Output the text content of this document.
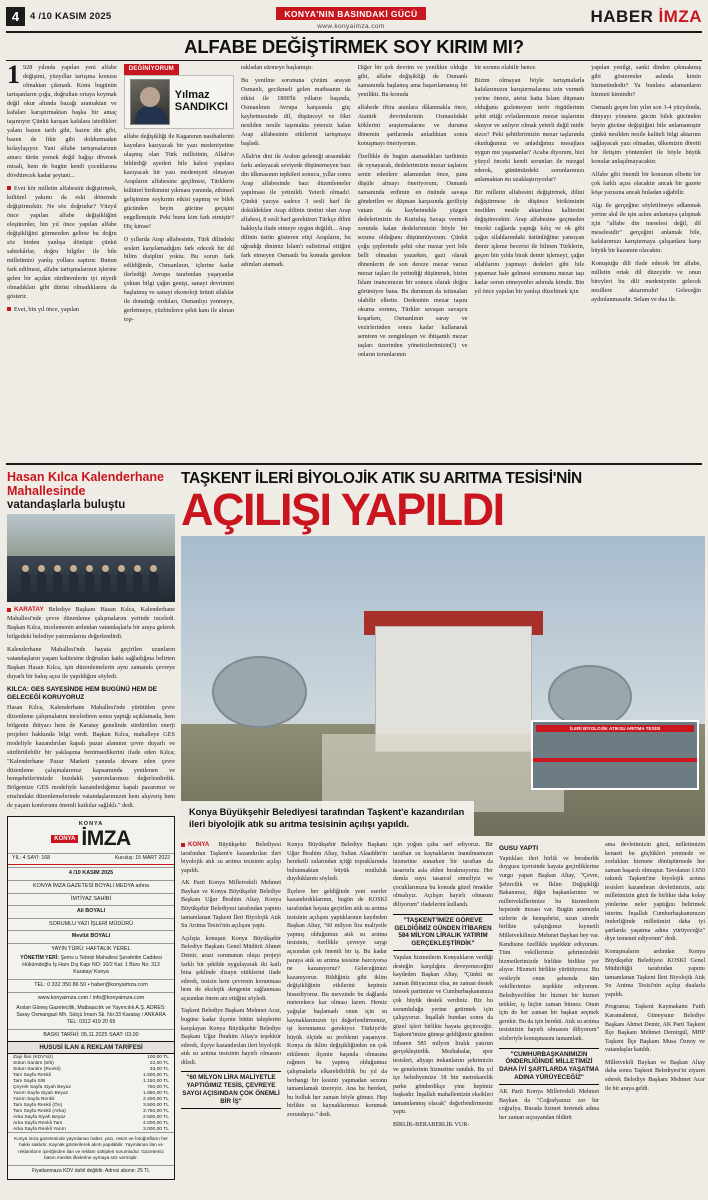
4	4 /10 KASIM 2025	KONYA'NIN BASINDAKİ GÜCÜ
www.konyaimza.com
HABER İMZA
ALFABE DEĞİŞTİRMEK SOY KIRIM MI?

1928 yılında yapılan yeni alfabe değişimi, yüzyıllar tartışma konusu olmaktan çıkmadı. Konu bugünün tartışanların çoğu, doğrultan ortaya koymak değil okur altında bazağı aramaktan ve kafaları karıştırmaktan başka bir amaç taşımıyor Çünkü karışan kafalara istedikleri yalanı bazen tarih gibi, bazen din gibi, bazen de fikir gibi doldurmadan kolaylaşıyor. Yani alfabe tartışmalarının amacı türün yemek değil bağışı dövmek misali, hem de bugün kendi çocuklarına dövdürecek kadar şeytani...

Evet kör milletin alfabesini değiştirmek, kültürel yakımı da eski dönemde değiştirmektir. Ne söz doğrudur? Vüzyıl önce yapılan alfabe değişikliğini eleştirenler, bin yıl önce yapılan alfabe değişikliğini görmezden gelirse bu doğru söz birden yanlışa dönüşür çünkü sahtekârlar, doğru bilgiler ile bile milletimizi yanlış yollara saptırır. Bunun fark edilmesi, alfabe tartışmalarının işlerine gelen bir açıdan sürdürenlerin iyi niyetli olmadıkları gibi dürüst olmadıklarını da gösterir.

Evet, bin yıl önce, yapılan

DEĞİNİYORUM
Yılmaz
SANDIKCI

alfabe değişikliği ile Kaganının nasihatlerini kayıdara kazıyacak bir yazı medeniyetine ulaşmış olan Türk milletinin, Allah'ın bildirdiği ayetleri bile kalesi yapılara kazıyacak bir yazı medeniyeti olmayan Arapların alfabesine geçilmesi, Türklerin kültürel birikimini yıkması yanında, zihinsel gelişimine soykırım etkisi yapmış ve bilek gücünden beyin gücüne geçişini engellemiştir. Peki bunu kim fark etmiştir? Hiç kimse!

O yıllarda Arap alfabesinin, Türk dilindeki sesleri karşılamadığını fark edecek bir dil bilim disiplini yoktu. Bu sorun fark edildiğinde, Osmanlının, içlerine kadar ilerlediği Avrupa tarafından yaşayanlar çoktan bilgi çağın genişi, sanayi devrimini başlatmış ve sanayi ekonoloji ürünü silahlar ile donattığı orduları, Osmanlıyı yenmeye, gerletmeye, yüzbinlerce şehit kanı ile alınan top-

rakladan sürmeye başlamıştı.

Bu yenilme sorununa çözüm arayan Osmanlı, gecikmeli gelen matbaanın da etkisi ile 1800'lü yılların başında, Osmanlının Avrupa karşısında güç kaybetmesinde dil, düşünceyi ve fikri nesilden nesile taşımakta yetersiz kalan Arap alfabesinin etkilerini tartışmaya başladı.

Allah'ın dini ile Arabın geleneği arasındaki farkı anlayacak seviyede düşünemeyen bazı din ülkmasının tepkileri sonucu, yıllar sonra Arap alfabesinde bazı düzenlemeler yapılması ile yetinildi. Yeterli olmadı!. Çünkü yazıya sadece 3 sesli harf ile doküldeklen Arap dilinin üretini olan Arap alfabesi, 8 sesli harf gerektiren Türkçe dilini hakkıyla ifade etmeye uygun değildi... Arap dilinin üstün gösteren etiçi Arapların, bu uğradığı dinimiz İslam'ı sulistimal ettiğini fark etmeyen Osmanlı bu konuda gereken adımları atamadı.

Diğer bir çok devrim ve yenilikte olduğu gibi, alfabe değişikliği de Osmanlı zamanında başlamış ama başarılamamış bir yenilikti. Bu konuda

alfabede iftira atanlara dâlanmakla önce, Atatürk devrimlerinin Osmanlıdaki köklerini araştırmalarını ve durumu dönemin şartlarında anladıktan sonra konuşmayı öneriyorum.

Özellikle de bugün atamadıkları tarihimiz de oynayarak, dedelerimizin mezar taşlarını senin edenlere adamından önce, şunu düşüle almayı öneriyorum; Osmanlı zamanında erdimin en önünde savaşa gönderilen ve düşman karşısında geriliyip vatanı da kaybetmekle yüzgen dedelerimizin de Kurtuluş Savaşı vermek zorunda kalan dedelerimizin böyle bir sorunu olduğunu düşünmüyorum. Çünkü çoğu çeplerinde şehit olur mezar yeri bile belli olmadan yazarken, gazi olarak dönenlerin de son dereze mezar varsız mezar taşları ile yetindiği düşünmek, bizim İslam inancımızın bir sonucu olarak doğru görünüyor bana. Bu durumun da istisnaları olabilir elbette. Dedesinin mezar taşını okuma sorunu, Türkler savaşan savaşcu koşarken, Osmanlının saray ve vezirlerinden sonra kadar kullanarak semiren ve zenginleşen ve ihtişamlı mezar taşları üzerinden yöneticilerimizin(!) ve onların torunlarının

bir sorunu olabilir bence.

Bizim olmayan böyle tartışmalarla kafalarımızın karıştırmalarına izin vermek yerine öteniz, ateist hatta İslam düşmanı olduğunu gizlemeyen terör örgütlerinin şehit ettiği evlatlarımızın mezar taşlarının okuyor ve anlıyor olmak yeterli değil midir sizce? Peki şehitlerimizin mezar taşlarında okuduğumuz ve anladığımız mesajlara uygun mu yaşananlar? Acaba diyorum, bizi yüzyıl önceki kendi sorunları ile mezgul ederek, günümüzdeki sorunlarımızı anlamaktan mı uzaklaştırıyorlar?

Bir milletin alfabesini değiştirmek, dilini değiştirmese de düşünce birikiminin nesilden nesile aktarılma kalitesini değiştirecektir. Arap alfabesine geçmeden önceki cağlarda yaptığı kılıç ve ok gibi çağın silahlarındaki üstünlüğüne yansıyan demir işleme becerisi ile bilinen Türklerin, geçen bin yılda birak demir işlemeyi, çağın silahlarını yapmayı dedeleri gibi bile yapamaz hale gelmesi sorununu mezar taşı kadar sorun etmeyenler adımda kimdir. Bin yıl önce yapılan bir yanlışı düzeltmek için

yapılan yenilgi, sanki dinden çıkmakmış gibi gösterenler aslında kimin hizmetindedir? Ya bunlara adamanların hizmeti kimindir?

Osmanlı geçen bin yılın son 3-4 yüzyılında, dünyayı yönetem gücün bilek gücünden beyin gücüne değiştiğini bile anlamamıştır çünkü nesilden nesile kaliteli bilgi aktarımı sağlayacak yazı olmadan, ülkemizin döretti bir iletişim yöntemleri ile böyle büyük konular anlaşılmayacaktır.

Alfabe gibi önemli bir konunun elbette bir çok farklı açısı olacaktır ancak bir gazete köşe yazısına ancak buladan sığabilir.

Algı ile gerçeğine söyletilmeye adlanmak yerine akıl ile işin aslını anlamaya çalışmak için "alfabe din meselesi değil, dil meselesidir" gerçeğini anlamak bile, kafalarımızı karıştırmaya çalışanlara karşı büyük bir kazanım olacaktır.

Konuştuğu dili ifade edecek bir alfabe, milletin ortak dil düzeyidir ve onun bireyleri bu dili medeniyetin gelecek nesillere aktarımıdır! Geleceğin aydınlanmasıdır. Selam ve dua ile.

Hasan Kılca Kalenderhane Mahallesinde
vatandaşlarla buluştu

KARATAY Belediye Başkanı Hasan Kılca, Kalenderhane Mahallesi'nde çevre düzenleme çalışmalarını yerinde inceledi. Başkan Kılca, incelemenin ardından vatandaşlarla bir araya gelerek bölgedeki belediye yatırımlarını değerlendirdi.

Kalenderhane Mahallesi'nde hayata geçirilen uzunların vatandaşların yaşam kalitesine doğrudan katkı sağladığına belirten Başkan Hasan Kılca, işin düzenlemelerin aynı zamanda çevreye duyarlı bir bakış açısı ile yapıldığını söyledi.

KILCA: GES SAYESİNDE HEM BUGÜNÜ HEM DE GELECEĞİ KORUYORUZ

Hasan Kılca, Kalenderhane Mahallesi'nde yürütülen çevre düzenleme çalışmalarını incelediren sonra yaptığı açıklamada, hem bölgenin ihtiyacı hem de Karatay genelinde sürdürülen enerji projeleri hakkında bilgi verdi. Başkan Kılca, mahalleye GES modeliyle kazandırılan kapalı pazar alanının çevre duyarlı ve sürdürülebilir bir yaklaşıma benimsedikerini ifade eden Kılca; "Kalenderhane Pazar Marketi yanında devam eden çevre düzenleme çalışmalarımız kapsamında yenilenen ve hemşehrilerimizde buzdaklı yatırımlarımızı değerlendirdik. Bölgemize GES modeliyle kazandırdığımız kapalı pazarımız ve etrafındaki düzenlemelerinde vatandaşlarımızın hem alışveriş hem de yaşam konforunu önemli katkılar sağlıklı." dedi.

KONYA
KONYA İMZA
YIL: 4 SAYI: 168	Kuruluş: 15 MART 2022
4 /10 KASIM 2025
KONYA İMZA GAZETESİ BOYALI MEDYA adına
İMTİYAZ SAHİBİ
Ali BOYALI
SORUMLU YAZI İŞLERİ MÜDÜRÜ
Mevlüt BOYALI
YAYIN TÜRÜ: HAFTALIK YEREL
YÖNETİM YERİ: Şems u Tebrizi Mahallesi Şerafettin Caddesi Hükümdoğlu İş Hanı Dış Kapı NO: 10/2 Kat: 1 Büro No: 313 Karatay/ Konya
TEL: 0 332 350 86 50 • haber@konyaimza.com
www.konyaimza.com / info@konyaimza.com
Arslan Güneş Gazetecilik, Matbaacılık ve Yayıncılık A.Ş. ADRES: Saray Osmangazi Mh. Sütçü İmam Sk. No:33 Karatay / ANKARA TEL: 0312 419 20 69
BASKI TARİHİ: 05.11.2025 SAAT: 03.00
HUSUSİ İLAN & REKLAM TARİFESİ
Zayi İlan (KDV'siz)	100,00 TL
Sütun Santim (5/5)	22,00 TL
Sütun Santim (Renkli)	33,00 TL
Tam Sayfa Renkli	1.500,00 TL
Tam Sayfa S/B	1.150,00 TL
Çeyrek Sayfa Siyah Beyaz	750,00 TL
Yarım Sayfa Siyah Beyaz	1.850,00 TL
Yarım Sayfa Renkli	2.400,00 TL
Tam Sayfa Renkli (Ön)	3.500,00 TL
Tam Sayfa Renkli (Arka)	3.750,00 TL
Arka Sayfa Siyah Beyaz	2.500,00 TL
Arka Sayfa Renkli Tam	4.000,00 TL
Arka Sayfa Renkli Yarım	3.000,00 TL
Konya imza gazetesinde yayınlanan haber, yazı, resim ve fotoğrafların her hakkı saklıdır. Kaynak gösterilerek alıntı yapılabilir. Yayınlanan ilan ve reklamların içeriğinden ilan ve reklam sahipleri sorumludur. Gazetemiz basın meslek ilkelerine uymaya söz vermiştir.
Fiyatlanmaza KDV dahil değildir. Adresi abone: 25 TL
TAŞKENT İLERİ BİYOLOJİK ATIK SU ARITMA TESİSİ'NİN
AÇILIŞI YAPILDI
İLERİ BİYOLOJİK ATIKSU ARITMA TESİSİ
Konya Büyükşehir Belediyesi tarafından Taşkent'e kazandırılan ileri biyolojik atık su arıtma tesisinin açılışı yapıldı.

KONYA Büyükşehir Belediyesi tarafından Taşkent'e kazandırılan ileri biyolojik atık su arıtma tesisinin açılışı yapıldı.

AK Parti Konya Milletvekili Mehmet Baykan ve Konya Büyükşehir Belediye Başkanı Uğur İbrahim Altay, Konya Büyükşehir Belediyesi tarafından yapımı tamamlanan Taşkent İleri Biyolojik Atık Su Arıtma Tesisi'nin açılışını yaptı.

Açılışta konuşan Konya Büyükşehir Belediye Başkanı Genel Müdürü Ahmet Demir, arazi sorununun oluşu projeyi farklı bir şekilde uygulayarak iki katlı bina şeklinde dizayn ettiklerini ifade ederek, tesisin hem çevrenin korunması hem de ekolojik dengenin sağlanması açısından önem arz ettiğini söyledi.

Taşkent Belediye Başkanı Mehmet Acar, bugüne kadar ilçenin bütün taleplerini karşılayan Konya Büyükşehir Belediye Başkanı Uğur İbrahim Altay'a teşekkür ederek, ilçeye kazandırılan ileri biyolojik atık su arıtma tesisinin hayırlı olmasını diledi.

"60 MİLYON LİRA MALİYETLE YAPTIĞIMIZ TESİS, ÇEVREYE SAYGI AÇISINDAN ÇOK ÖNEMLİ BİR İŞ"

Konya Büyükşehir Belediye Başkanı Uğur İbrahim Altay, Sultan Alaaddin'in hereketli sularından içtiği topraklarında bulunmaktan büyük mutluluk duyduklarını söyledi.

İlçelere her geldiğinde yeni eserler kazandırdıklarının, bugün de KOSKİ tarafından hayata geçirilen atık su arıtma tesisinin açılışını yaptıklarının kaydeden Başkan Altay, "60 milyon lira maliyetle yapmış olduğumuz atık su arıtma tesisinin, özellikle çevreye saygı açısından çok önemli bir iş. Bu kadar paraya atık su arıtma tesisine harcıyorsa ne kazanıyoruz? Geleceğimizi kazanıyoruz. Bildiğiniz gibi iklim değişikliğinin etkilerini hepimiz hissediyoruz. Bu mevzinde bu dağlarda meterekece kar olması lazım. Hemiz yağışlar başlamadı onun için su kaynaklarımızın iyi değerlendirmemiz, işi korumamız gerekiyor. Türkiye'de büyük ölçüde su problemi yaşanıyor. Konya da iklim değişikliğinden en çok etkilenen ilçenin başında olmasına rağmen bu yapmış olduğumuz çalışmalarla elkarebilirlilik bu yıl da berhangi bir kesinti yapmadan sezonu tamamlamak üzereyiz. Ana bu bereket, bu bolluk her zaman böyle gitmez. Hep birlikte su kaynaklarımızı korumak zorundayız." dedi.

için yoğun çaba sarf ediyoruz. Bir taraftan su kaynaklarını inanılmamızın hizmetine sunarken bir taraftan da tasarrufu asla elden bırakmıyoruz. Her damla suyu tasarruf etmeliyiz ve çocuklarımıza bu konuda güzel örnekler olmalıyız. Açılışın hayırlı olmasını diliyorum" ifadelerini kullandı.

"TAŞKENT'İMİZE GÖREVE GELDİĞİMİZ GÜNDEN İTİBAREN 584 MİLYON LİRALIK YATIRIM GERÇEKLEŞTİRDİK"

Yapılan hizmetlerin Konyalıların verdiği desteğin karşılığını deveyemeceğini kaydeden Başkan Altay, "Çünkü ne zaman ihtiyacımız olsa, ne zaman destek istesek partimize ve Cumhurbaşkanımıza çok büyük destek verdiniz. Biz bu sorumluluğu yerine getirmek için çalışıyoruz. İnşallah bundan sonra da güzel işleri birlikte hayata geçireceğiz. Taşkent'imize güneşe geldiğimiz gündem itibaren 585 milyon liralık yatırım gerçekleştirdik. Mezbahalar, spor tesisleri, altyapı imkanlarını şehrimizin ve genelerinin hizmetine sunduk. Bu yıl içe belediyemize 18 bin metrekarelik parke gönderdikçe yine hepimiz başkadır. İnşallah mahallemizin eksikleri tamamlanmış olacak" değerlendirmesini yaptı.

BİRLİK-BERABERLİK VUR-

GUSU YAPTI

Yaptıkları ileri birlik ve beraberlik duygusu içerisinde hayata geçirdiklerine vurgu yapan Başkan Altay, "Çevre, Şehircilik ve İklim Değişikliği Bakanımız, diğer başkanlarımız ve milletvekillerimize bu hizmetlerin hepsinde imzası var. Bugün aramızda sizlerin de hemşehrisi, uzun süredir birlikte çalıştığımız kıymetli Milletvekilimiz Mehmet Baykan bey var. Kendisine özellikle teşekkür ediyorum. Tüm vekillerimiz şehrimizdeki hizmetlerimizde birlikte birlikte yer alıyor. Hizmeti birlikte yürütüyoruz. Bu vesileyle onun şahsında tüm vekillerimize teşekkür ediyorum. Belediyecilikte bir hizmet bir hizmet tetikler, iş hiçbir zaman bitmez. Onun için de her zaman bir başkan seçmek gerekir. Bu da işin berekti. Atık su arıtma tesisinizin hayırlı olmasını diliyorum" sözleriyle konuşmasını tamamladı.

"CUMHURBAŞKANIMIZIN ÖNDERLİĞİNDE MİLLETİMİZİ DAHA İYİ ŞARTLARDA YAŞATMA ADINA YÜRÜYECEĞİZ"

AK Parti Konya Milletvekili Mehmet Baykan da "Coğrafyamız zor bir coğrafya. Burada hizmet üretmek adına her zaman sıçrayandan öldürü

ama devletimizin gücü, milletimizin kenaeti bu güçlükleri yenmede ve zorlukları hizmete dönüştürmede her zaman başarılı olmuştur. Tavolanın 1.650 rakımlı Taşkent'ine biyolojik arıtma tesisleri kazandıran devletimizin, aziz milletimizin gücü ile birlikte daha kolay yönlerine neler yaptığını belirtmek isterim. İnşallah Cumhurbaşkanımızın önderliğinde milletimizi daha iyi şartlarda yaşatma adına yürüyeceğiz" diye temenni ediyorum" dedi.

Konuşmaların ardından Konya Büyükşehir Belediyesi KOSKİ Genel Müdürlüğü tarafından yapımı tamamlanan Taşkent İleri Biyolojik Atık Su Arıtma Tesisi'nin açılışı dualarla yapıldı.

Programa; Taşkent Kaymakamı Fatih Karamahmut, Güneysınır Belediye Başkanı Ahmet Demir, AK Parti Taşkent İlçe Başkanı Mehmet Demirgül, MHP Taşkent İlçe Başkanı Musa Öznoy ve vatandaşlar katıldı.

Milletvekili Baykan ve Başkan Altay daha sonra Taşkent Belediyesi'ni ziyaret ederek Belediye Başkanı Mehmet Acar ile bir araya geldi.
